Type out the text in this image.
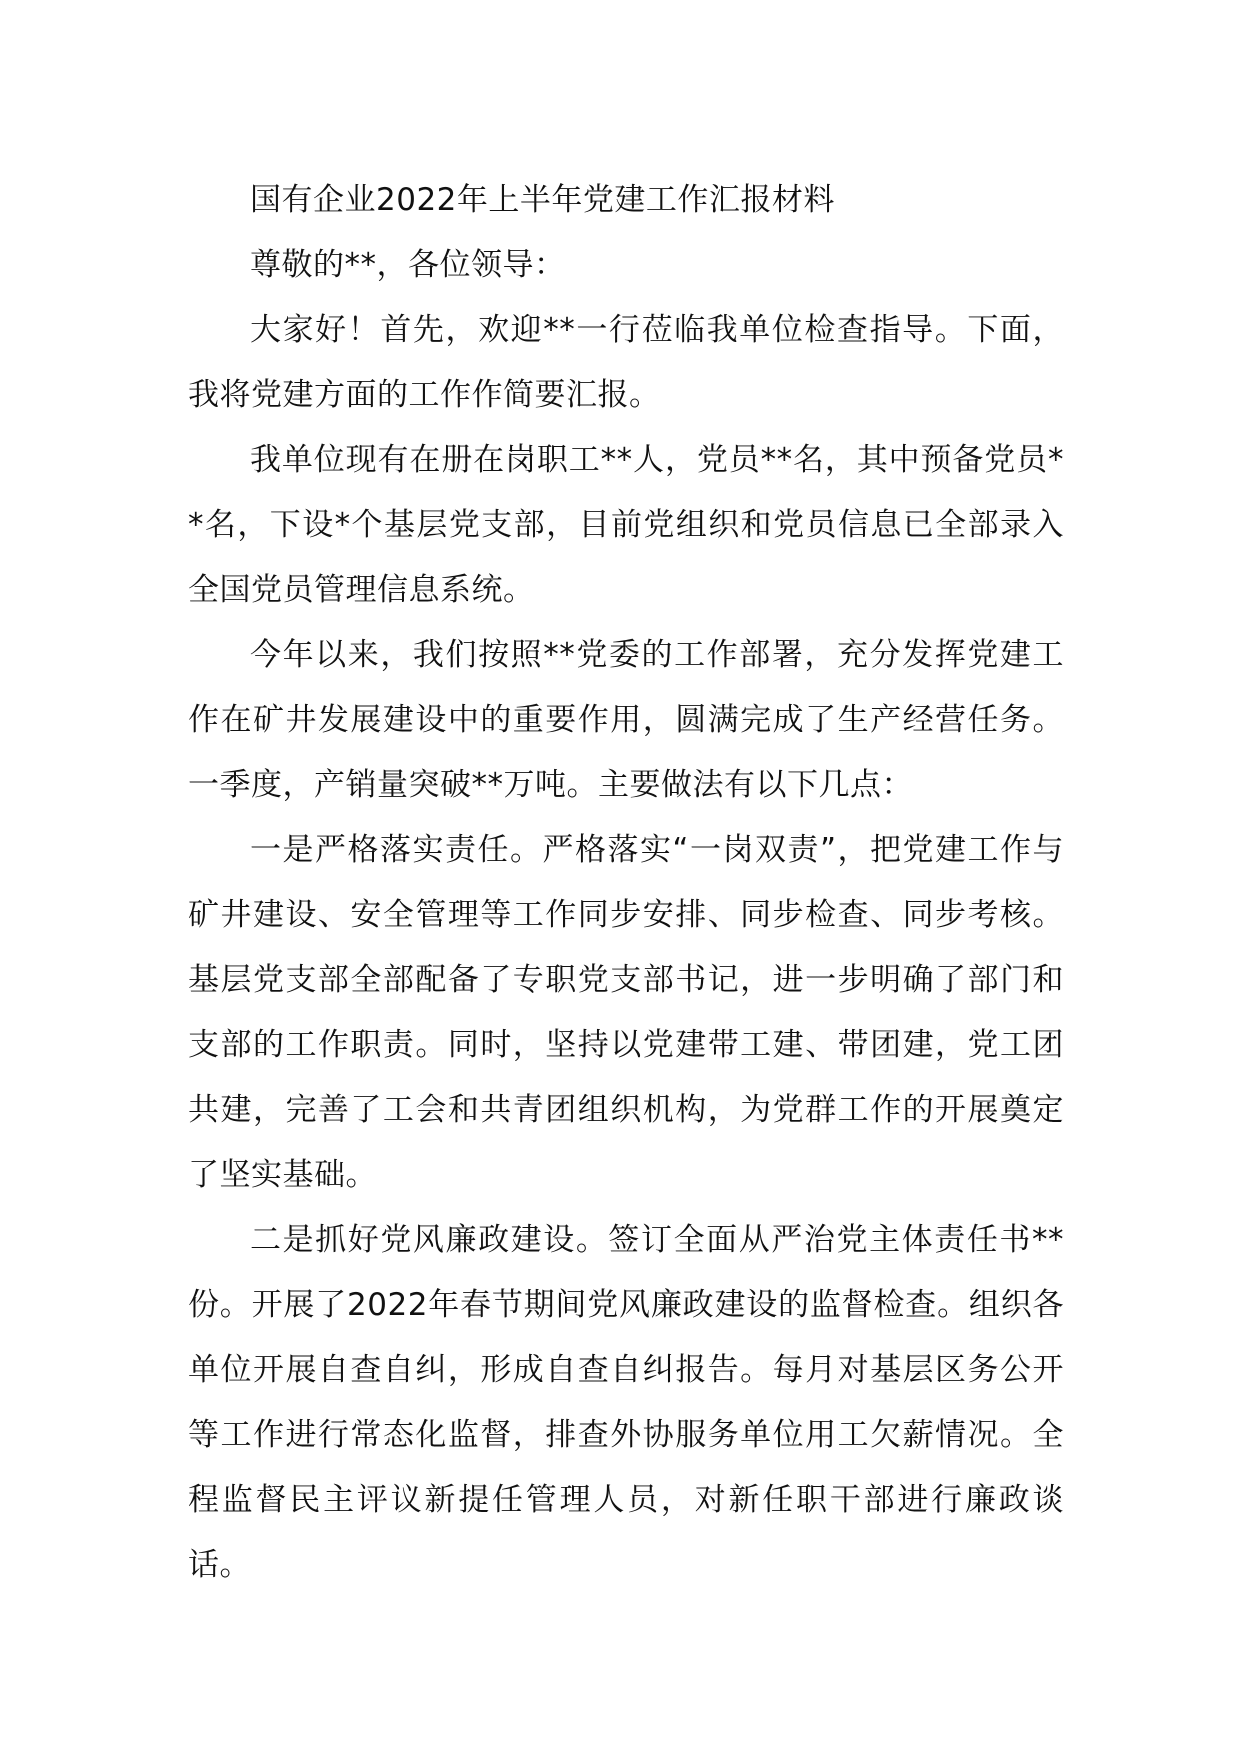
国有企业2022年上半年党建工作汇报材料

尊敬的**，各位领导：

大家好！首先，欢迎**一行莅临我单位检查指导。下面，我将党建方面的工作作简要汇报。

我单位现有在册在岗职工**人，党员**名，其中预备党员**名，下设*个基层党支部，目前党组织和党员信息已全部录入全国党员管理信息系统。

今年以来，我们按照**党委的工作部署，充分发挥党建工作在矿井发展建设中的重要作用，圆满完成了生产经营任务。一季度，产销量突破**万吨。主要做法有以下几点：

一是严格落实责任。严格落实“一岗双责”，把党建工作与矿井建设、安全管理等工作同步安排、同步检查、同步考核。基层党支部全部配备了专职党支部书记，进一步明确了部门和支部的工作职责。同时，坚持以党建带工建、带团建，党工团共建，完善了工会和共青团组织机构，为党群工作的开展奠定了坚实基础。

二是抓好党风廉政建设。签订全面从严治党主体责任书**份。开展了2022年春节期间党风廉政建设的监督检查。组织各单位开展自查自纠，形成自查自纠报告。每月对基层区务公开等工作进行常态化监督，排查外协服务单位用工欠薪情况。全程监督民主评议新提任管理人员，对新任职干部进行廉政谈话。
